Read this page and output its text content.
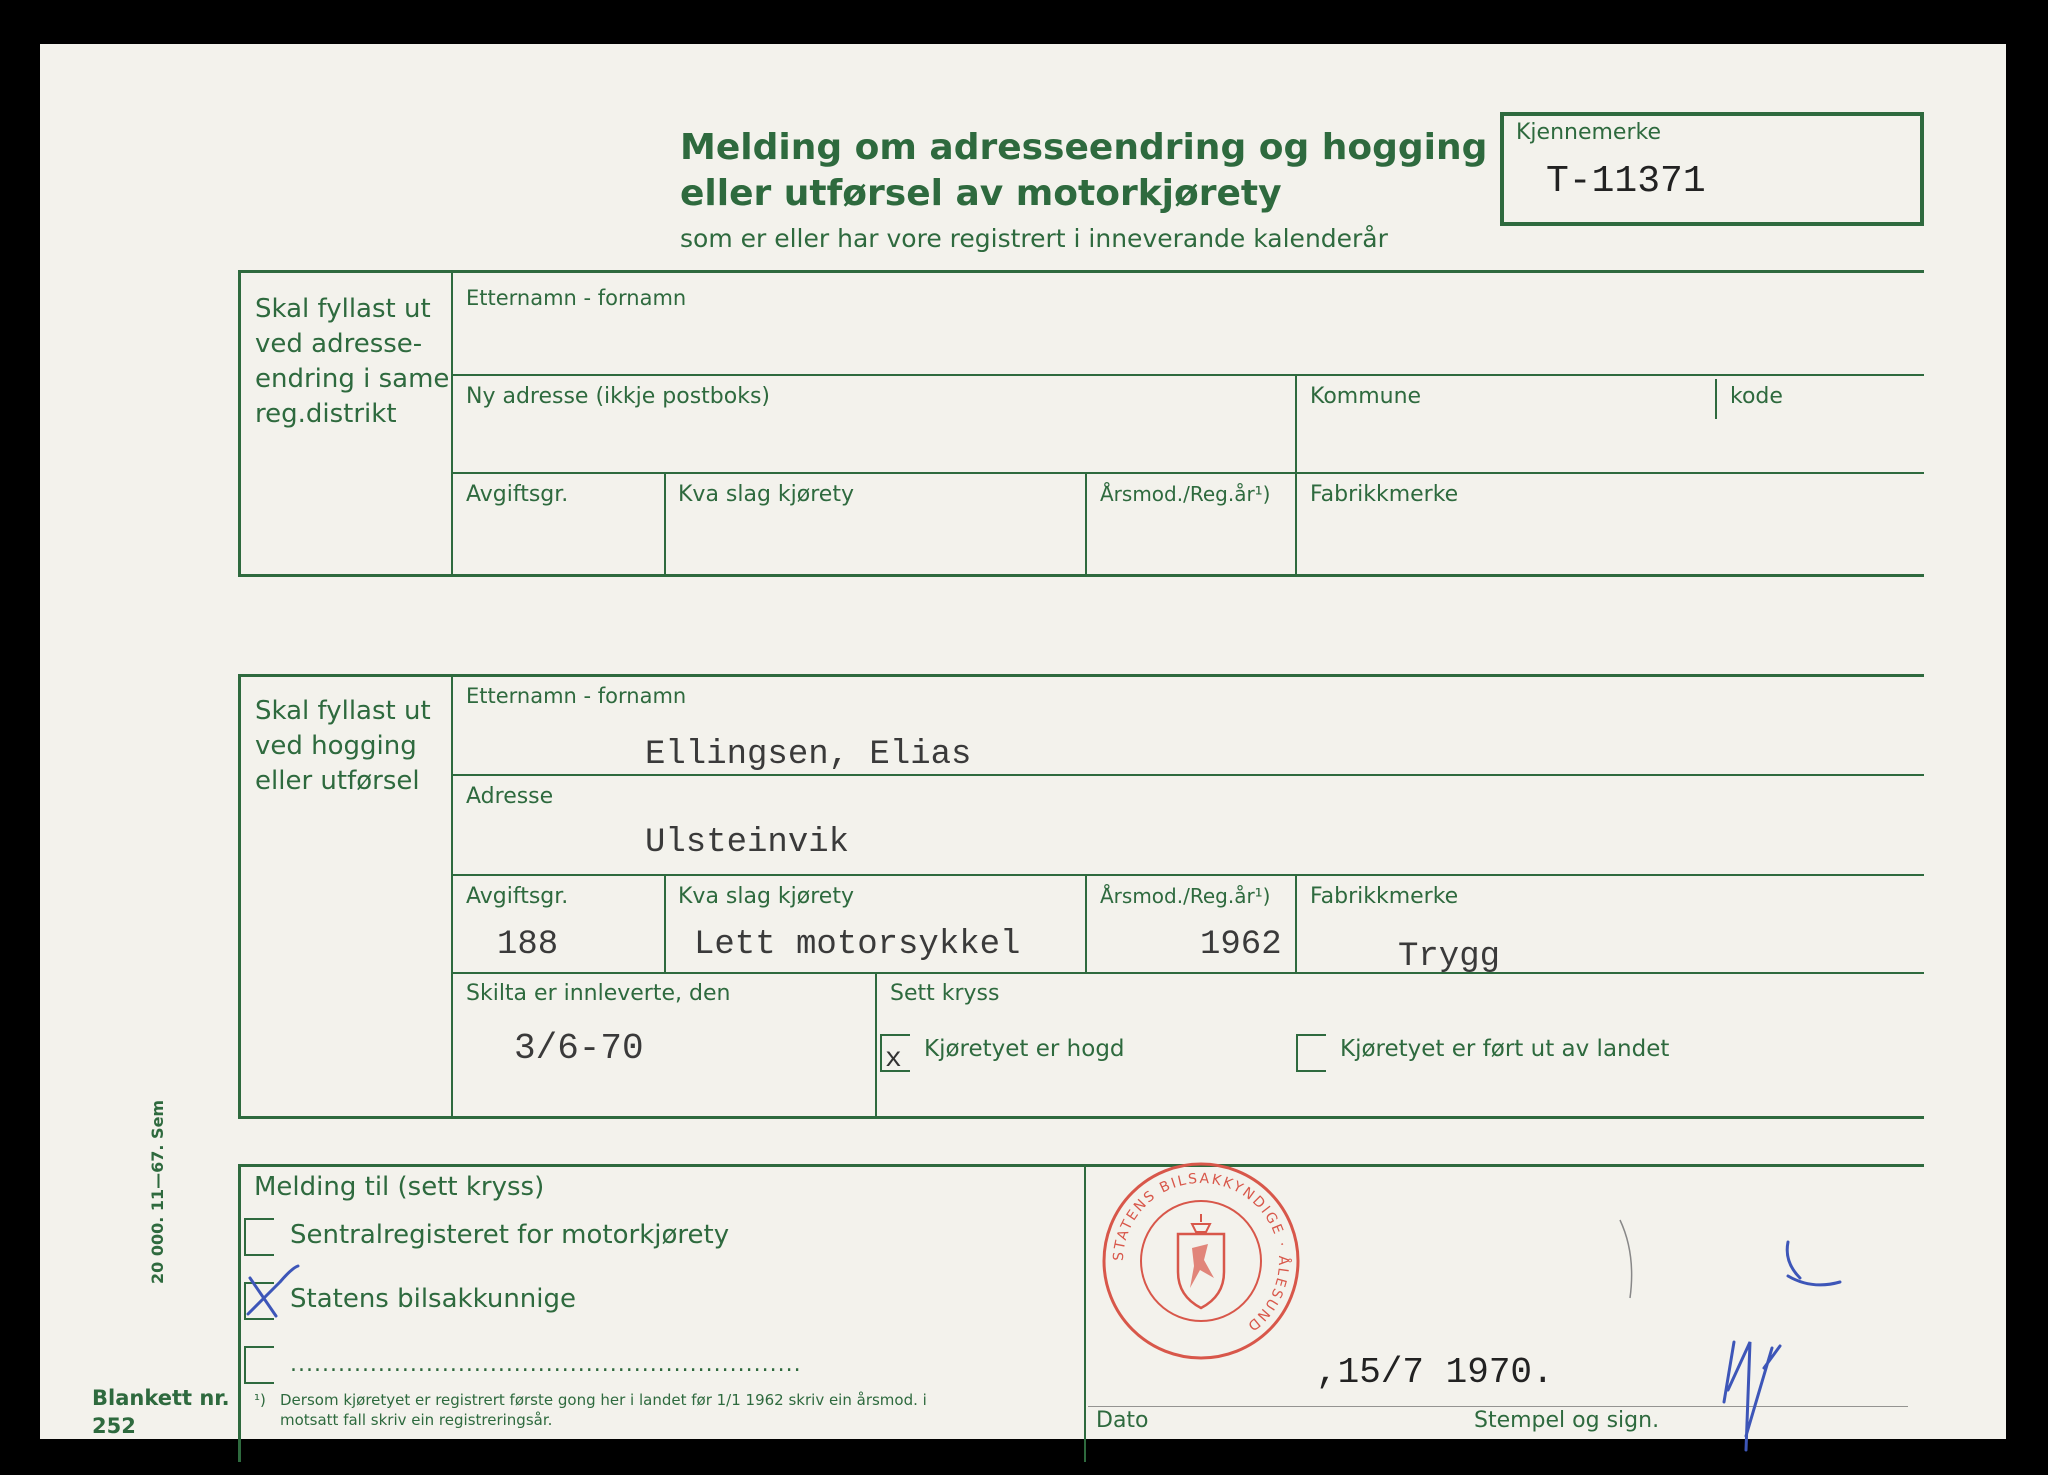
Melding om adresseendring og hogging
eller utførsel av motorkjørety
som er eller har vore registrert i inneverande kalenderår
Kjennemerke
T-11371
Skal fyllast ut
ved adresse-
endring i same
reg.distrikt
Etternamn - fornamn
Ny adresse (ikkje postboks)	Kommune	kode
Avgiftsgr.	Kva slag kjørety	Årsmod./Reg.år¹) Fabrikkmerke
Skal fyllast ut
ved hogging
eller utførsel
Etternamn - fornamn
Ellingsen, Elias
Adresse
Ulsteinvik
Avgiftsgr.
188
Kva slag kjørety
Lett motorsykkel
Årsmod./Reg.år¹)
1962
Fabrikkmerke
Trygg
Skilta er innleverte, den
3/6-70
Sett kryss
x Kjøretyet er hogd	Kjøretyet er ført ut av landet
Melding til (sett kryss)
Sentralregisteret for motorkjørety
Statens bilsakkunnige
................................................................
¹) Dersom kjøretyet er registrert første gong her i landet før 1/1 1962 skriv ein årsmod. i motsatt fall skriv ein registreringsår.	Dato
,15/7 1970.
Stempel og sign.
STATENS BILSAKKYNDIGE · ÅLESUND
20 000. 11—67. Sem
Blankett nr.
252
